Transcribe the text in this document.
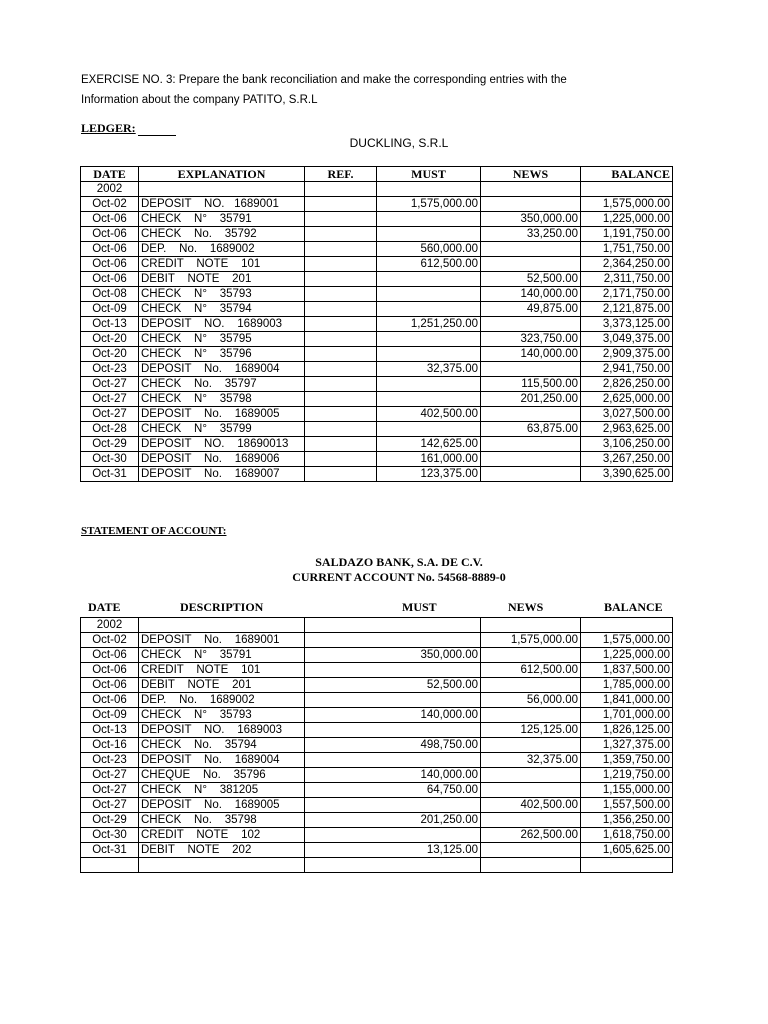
EXERCISE NO. 3: Prepare the bank reconciliation and make the corresponding entries with the
Information about the company PATITO, S.R.L
LEDGER:
DUCKLING, S.R.L
DATE	EXPLANATION	REF.	MUST	NEWS	BALANCE
2002					
Oct-02	DEPOSIT    NO.   1689001		1,575,000.00		1,575,000.00
Oct-06	CHECK    N°    35791			350,000.00	1,225,000.00
Oct-06	CHECK    No.    35792			33,250.00	1,191,750.00
Oct-06	DEP.    No.    1689002		560,000.00		1,751,750.00
Oct-06	CREDIT    NOTE    101		612,500.00		2,364,250.00
Oct-06	DEBIT    NOTE    201			52,500.00	2,311,750.00
Oct-08	CHECK    N°    35793			140,000.00	2,171,750.00
Oct-09	CHECK    N°    35794			49,875.00	2,121,875.00
Oct-13	DEPOSIT    NO.    1689003		1,251,250.00		3,373,125.00
Oct-20	CHECK    N°    35795			323,750.00	3,049,375.00
Oct-20	CHECK    N°    35796			140,000.00	2,909,375.00
Oct-23	DEPOSIT    No.    1689004		32,375.00		2,941,750.00
Oct-27	CHECK    No.    35797			115,500.00	2,826,250.00
Oct-27	CHECK    N°    35798			201,250.00	2,625,000.00
Oct-27	DEPOSIT    No.    1689005		402,500.00		3,027,500.00
Oct-28	CHECK    N°    35799			63,875.00	2,963,625.00
Oct-29	DEPOSIT    NO.    18690013		142,625.00		3,106,250.00
Oct-30	DEPOSIT    No.    1689006		161,000.00		3,267,250.00
Oct-31	DEPOSIT    No.    1689007		123,375.00		3,390,625.00
STATEMENT OF ACCOUNT:
SALDAZO BANK, S.A. DE C.V.
CURRENT ACCOUNT No. 54568-8889-0
DATE	DESCRIPTION	MUST	NEWS	BALANCE
2002				
Oct-02	DEPOSIT    No.    1689001		1,575,000.00	1,575,000.00
Oct-06	CHECK    N°    35791	350,000.00		1,225,000.00
Oct-06	CREDIT    NOTE    101		612,500.00	1,837,500.00
Oct-06	DEBIT    NOTE    201	52,500.00		1,785,000.00
Oct-06	DEP.    No.    1689002		56,000.00	1,841,000.00
Oct-09	CHECK    N°    35793	140,000.00		1,701,000.00
Oct-13	DEPOSIT    NO.    1689003		125,125.00	1,826,125.00
Oct-16	CHECK    No.    35794	498,750.00		1,327,375.00
Oct-23	DEPOSIT    No.    1689004		32,375.00	1,359,750.00
Oct-27	CHEQUE    No.    35796	140,000.00		1,219,750.00
Oct-27	CHECK    N°    381205	64,750.00		1,155,000.00
Oct-27	DEPOSIT    No.    1689005		402,500.00	1,557,500.00
Oct-29	CHECK    No.    35798	201,250.00		1,356,250.00
Oct-30	CREDIT    NOTE    102		262,500.00	1,618,750.00
Oct-31	DEBIT    NOTE    202	13,125.00		1,605,625.00
